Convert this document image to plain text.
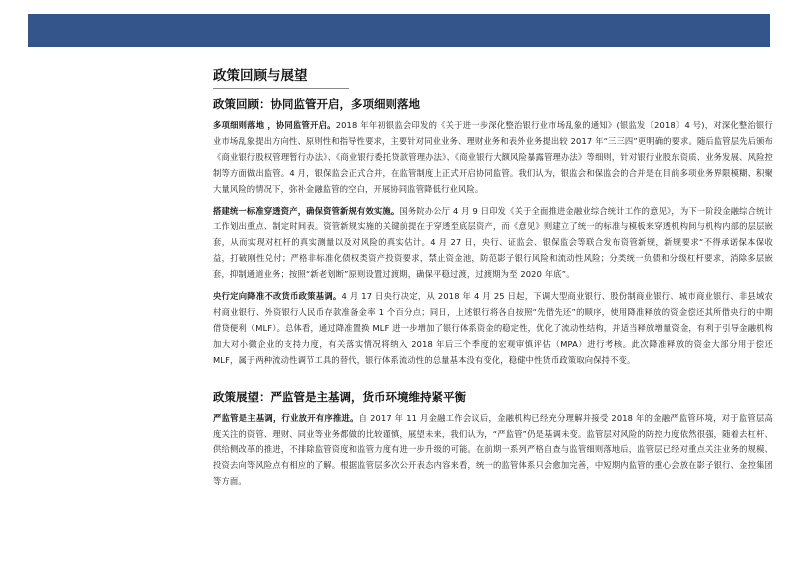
政策回顾与展望
政策回顾：协同监管开启，多项细则落地

多项细则落地 ，协同监管开启。2018 年年初银监会印发的《关于进一步深化整治银行业市场乱象的通知》(银监发〔2018〕4 号)，对深化整治银行业市场乱象提出方向性、原则性和指导性要求，主要针对同业业务、理财业务和表外业务提出较 2017 年“三三四”更明确的要求。随后监管层先后颁布《商业银行股权管理暂行办法》、《商业银行委托贷款管理办法》、《商业银行大额风险暴露管理办法》等细则，针对银行业股东资质、业务发展、风险控制等方面做出监管。4 月，银保监会正式合并，在监管制度上正式开启协同监管。我们认为，银监会和保监会的合并是在目前多项业务界限模糊、积聚大量风险的情况下，弥补金融监管的空白，开展协同监管降低行业风险。

搭建统一标准穿透资产，确保资管新规有效实施。国务院办公厅 4 月 9 日印发《关于全面推进金融业综合统计工作的意见》，为下一阶段金融综合统计工作划出重点、制定时间表。资管新规实施的关键前提在于穿透至底层资产，而《意见》则建立了统一的标准与模板来穿透机构间与机构内部的层层嵌套，从而实现对杠杆的真实测量以及对风险的真实估计。4 月 27 日，央行、证监会、银保监会等联合发布资管新规，新规要求“不得承诺保本保收益，打破刚性兑付；严格非标准化债权类资产投资要求，禁止资金池，防范影子银行风险和流动性风险；分类统一负债和分级杠杆要求，消除多层嵌套，抑制通道业务；按照“新老划断”原则设置过渡期，确保平稳过渡，过渡期为至 2020 年底”。

央行定向降准不改货币政策基调。4 月 17 日央行决定，从 2018 年 4 月 25 日起，下调大型商业银行、股份制商业银行、城市商业银行、非县域农村商业银行、外资银行人民币存款准备金率 1 个百分点；同日，上述银行将各自按照“先借先还”的顺序，使用降准释放的资金偿还其所借央行的中期借贷便利（MLF）。总体看，通过降准置换 MLF 进一步增加了银行体系资金的稳定性，优化了流动性结构，并适当释放增量资金，有利于引导金融机构加大对小微企业的支持力度，有关落实情况将纳入 2018 年后三个季度的宏观审慎评估（MPA）进行考核。此次降准释放的资金大部分用于偿还 MLF，属于两种流动性调节工具的替代，银行体系流动性的总量基本没有变化，稳健中性货币政策取向保持不变。

政策展望：严监管是主基调，货币环境维持紧平衡

严监管是主基调，行业放开有序推进。自 2017 年 11 月金融工作会议后，金融机构已经充分理解并接受 2018 年的金融严监管环境，对于监管层高度关注的资管、理财、同业等业务都做的比较谨慎，展望未来，我们认为，“严监管”仍是基调未变。监管层对风险的防控力度依然很强，随着去杠杆、供给侧改革的推进，不排除监管资度和监管力度有进一步升级的可能。在前期一系列严格自查与监管细则落地后，监管层已经对重点关注业务的规模、投资去向等风险点有相应的了解。根据监管层多次公开表态内容来看，统一的监管体系只会愈加完善，中短期内监管的重心会放在影子银行、金控集团等方面。
